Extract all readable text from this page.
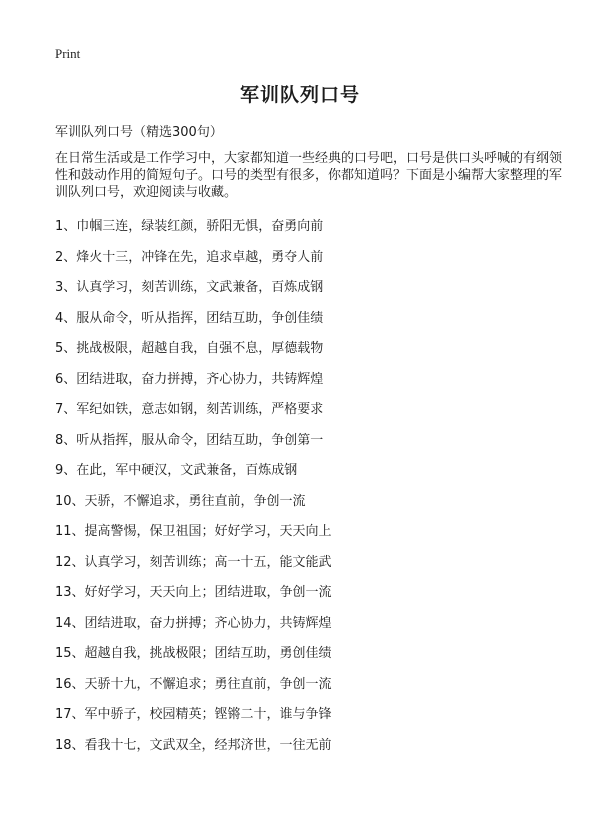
Print
军训队列口号

军训队列口号（精选300句）

在日常生活或是工作学习中，大家都知道一些经典的口号吧，口号是供口头呼喊的有纲领性和鼓动作用的简短句子。口号的类型有很多，你都知道吗？下面是小编帮大家整理的军训队列口号，欢迎阅读与收藏。

1、巾帼三连，绿装红颜，骄阳无惧，奋勇向前
2、烽火十三，冲锋在先，追求卓越，勇夺人前
3、认真学习，刻苦训练，文武兼备，百炼成钢
4、服从命令，听从指挥，团结互助，争创佳绩
5、挑战极限，超越自我，自强不息，厚德载物
6、团结进取，奋力拼搏，齐心协力，共铸辉煌
7、军纪如铁，意志如钢，刻苦训练，严格要求
8、听从指挥，服从命令，团结互助，争创第一
9、在此，军中硬汉，文武兼备，百炼成钢
10、天骄，不懈追求，勇往直前，争创一流
11、提高警惕，保卫祖国；好好学习，天天向上
12、认真学习，刻苦训练；高一十五，能文能武
13、好好学习，天天向上；团结进取，争创一流
14、团结进取，奋力拼搏；齐心协力，共铸辉煌
15、超越自我，挑战极限；团结互助，勇创佳绩
16、天骄十九，不懈追求；勇往直前，争创一流
17、军中骄子，校园精英；铿锵二十，谁与争锋
18、看我十七，文武双全，经邦济世，一往无前
